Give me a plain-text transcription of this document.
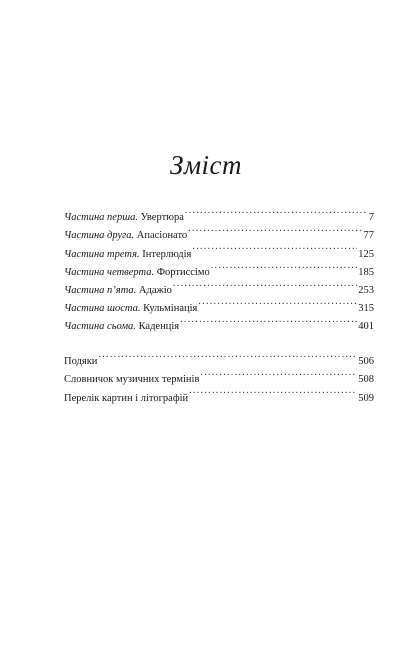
Зміст
Частина перша. Увертюра . . .	7
Частина друга. Апасіонато . . .	77
Частина третя. Інтерлюдія . . .	125
Частина четверта. Фортиссімо . . .	185
Частина п’ята. Адажіо . . .	253
Частина шоста. Кульмінація . . .	315
Частина сьома. Каденція . . .	401
Подяки . . .	506
Словничок музичних термінів . . .	508
Перелік картин і літографій . . .	509
